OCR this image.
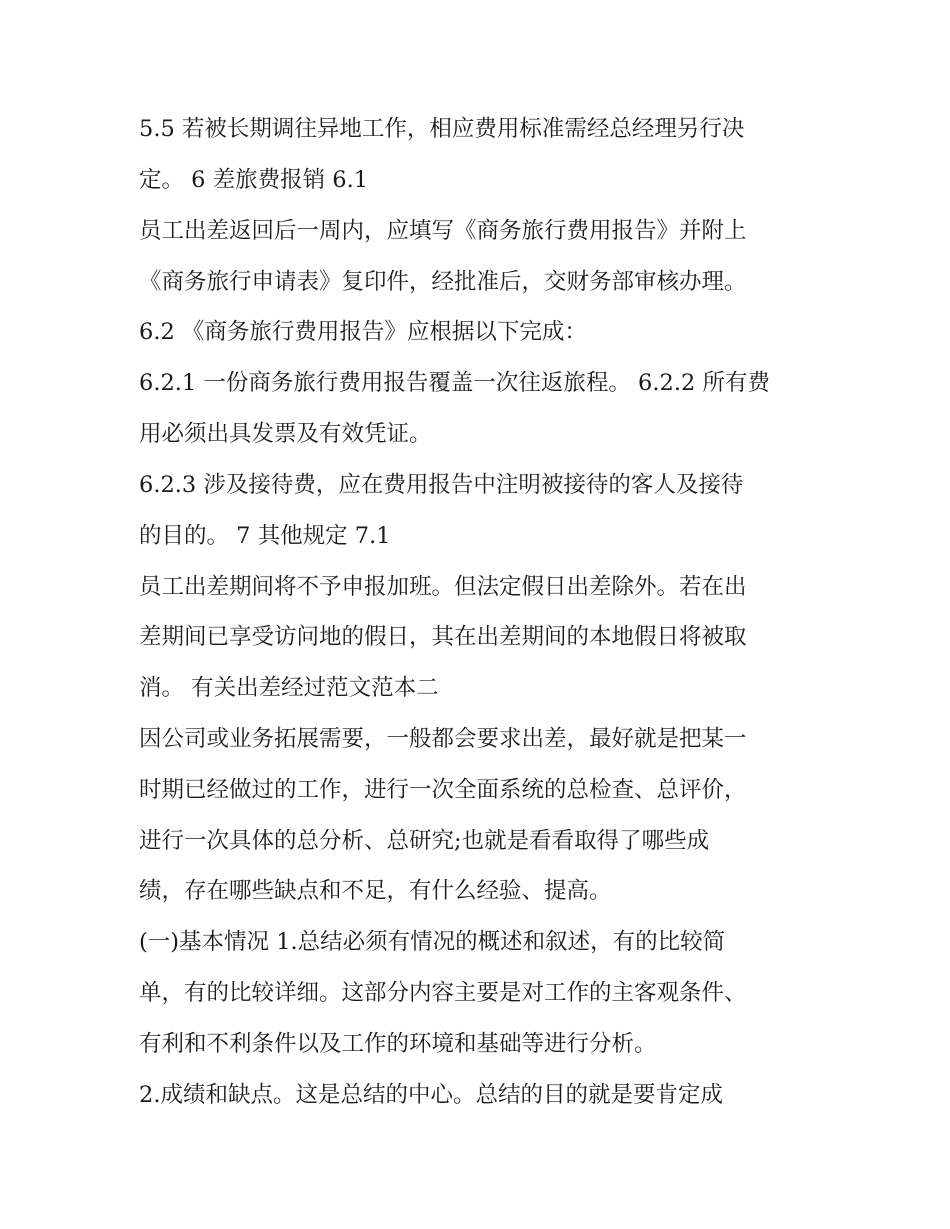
5.5 若被长期调往异地工作，相应费用标准需经总经理另行决
定。 6 差旅费报销 6.1
员工出差返回后一周内，应填写《商务旅行费用报告》并附上
《商务旅行申请表》复印件，经批准后，交财务部审核办理。
6.2 《商务旅行费用报告》应根据以下完成：
6.2.1 一份商务旅行费用报告覆盖一次往返旅程。 6.2.2 所有费
用必须出具发票及有效凭证。
6.2.3 涉及接待费，应在费用报告中注明被接待的客人及接待
的目的。 7 其他规定 7.1
员工出差期间将不予申报加班。但法定假日出差除外。若在出
差期间已享受访问地的假日，其在出差期间的本地假日将被取
消。 有关出差经过范文范本二
因公司或业务拓展需要，一般都会要求出差，最好就是把某一
时期已经做过的工作，进行一次全面系统的总检查、总评价，
进行一次具体的总分析、总研究;也就是看看取得了哪些成
绩，存在哪些缺点和不足，有什么经验、提高。
(一)基本情况 1.总结必须有情况的概述和叙述，有的比较简
单，有的比较详细。这部分内容主要是对工作的主客观条件、
有利和不利条件以及工作的环境和基础等进行分析。
2.成绩和缺点。这是总结的中心。总结的目的就是要肯定成
